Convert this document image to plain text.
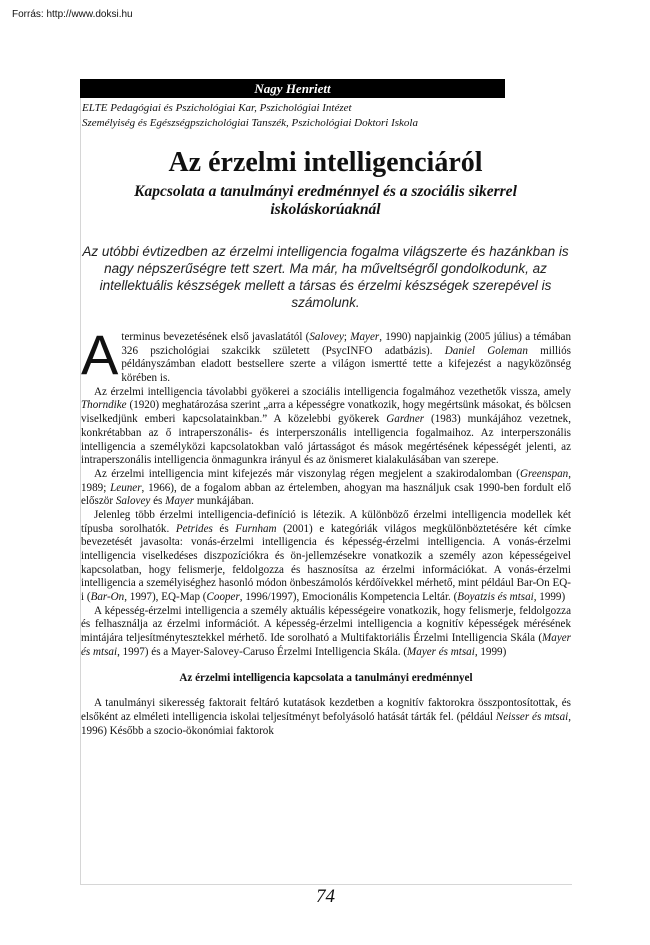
Forrás: http://www.doksi.hu
Nagy Henriett
ELTE Pedagógiai és Pszichológiai Kar, Pszichológiai Intézet
Személyiség és Egészségpszichológiai Tanszék, Pszichológiai Doktori Iskola
Az érzelmi intelligenciáról
Kapcsolata a tanulmányi eredménnyel és a szociális sikerrel iskoláskorúaknál
Az utóbbi évtizedben az érzelmi intelligencia fogalma világszerte és hazánkban is nagy népszerűségre tett szert. Ma már, ha műveltségről gondolkodunk, az intellektuális készségek mellett a társas és érzelmi készségek szerepével is számolunk.

Aterminus bevezetésének első javaslatától (Salovey; Mayer, 1990) napjainkig (2005 július) a témában 326 pszichológiai szakcikk született (PsycINFO adatbázis). Daniel Goleman milliós példányszámban eladott bestsellere szerte a világon ismertté tette a kifejezést a nagyközönség körében is.

Az érzelmi intelligencia távolabbi gyökerei a szociális intelligencia fogalmához vezethetők vissza, amely Thorndike (1920) meghatározása szerint „arra a képességre vonatkozik, hogy megértsünk másokat, és bölcsen viselkedjünk emberi kapcsolatainkban.” A közelebbi gyökerek Gardner (1983) munkájához vezetnek, konkrétabban az ő intraperszonális- és interperszonális intelligencia fogalmaihoz. Az interperszonális intelligencia a személyközi kapcsolatokban való jártasságot és mások megértésének képességét jelenti, az intraperszonális intelligencia önmagunkra irányul és az önismeret kialakulásában van szerepe.

Az érzelmi intelligencia mint kifejezés már viszonylag régen megjelent a szakirodalomban (Greenspan, 1989; Leuner, 1966), de a fogalom abban az értelemben, ahogyan ma használjuk csak 1990-ben fordult elő először Salovey és Mayer munkájában.

Jelenleg több érzelmi intelligencia-definíció is létezik. A különböző érzelmi intelligencia modellek két típusba sorolhatók. Petrides és Furnham (2001) e kategóriák világos megkülönböztetésére két címke bevezetését javasolta: vonás-érzelmi intelligencia és képesség-érzelmi intelligencia. A vonás-érzelmi intelligencia viselkedéses diszpozíciókra és ön-jellemzésekre vonatkozik a személy azon képességeivel kapcsolatban, hogy felismerje, feldolgozza és hasznosítsa az érzelmi információkat. A vonás-érzelmi intelligencia a személyiséghez hasonló módon önbeszámolós kérdőívekkel mérhető, mint például Bar-On EQ-i (Bar-On, 1997), EQ-Map (Cooper, 1996/1997), Emocionális Kompetencia Leltár. (Boyatzis és mtsai, 1999)

A képesség-érzelmi intelligencia a személy aktuális képességeire vonatkozik, hogy felismerje, feldolgozza és felhasználja az érzelmi információt. A képesség-érzelmi intelligencia a kognitív képességek mérésének mintájára teljesítménytesztekkel mérhető. Ide sorolható a Multifaktoriális Érzelmi Intelligencia Skála (Mayer és mtsai, 1997) és a Mayer-Salovey-Caruso Érzelmi Intelligencia Skála. (Mayer és mtsai, 1999)

Az érzelmi intelligencia kapcsolata a tanulmányi eredménnyel

A tanulmányi sikeresség faktorait feltáró kutatások kezdetben a kognitív faktorokra összpontosítottak, és elsőként az elméleti intelligencia iskolai teljesítményt befolyásoló hatását tárták fel. (például Neisser és mtsai, 1996) Később a szocio-ökonómiai faktorok

74
